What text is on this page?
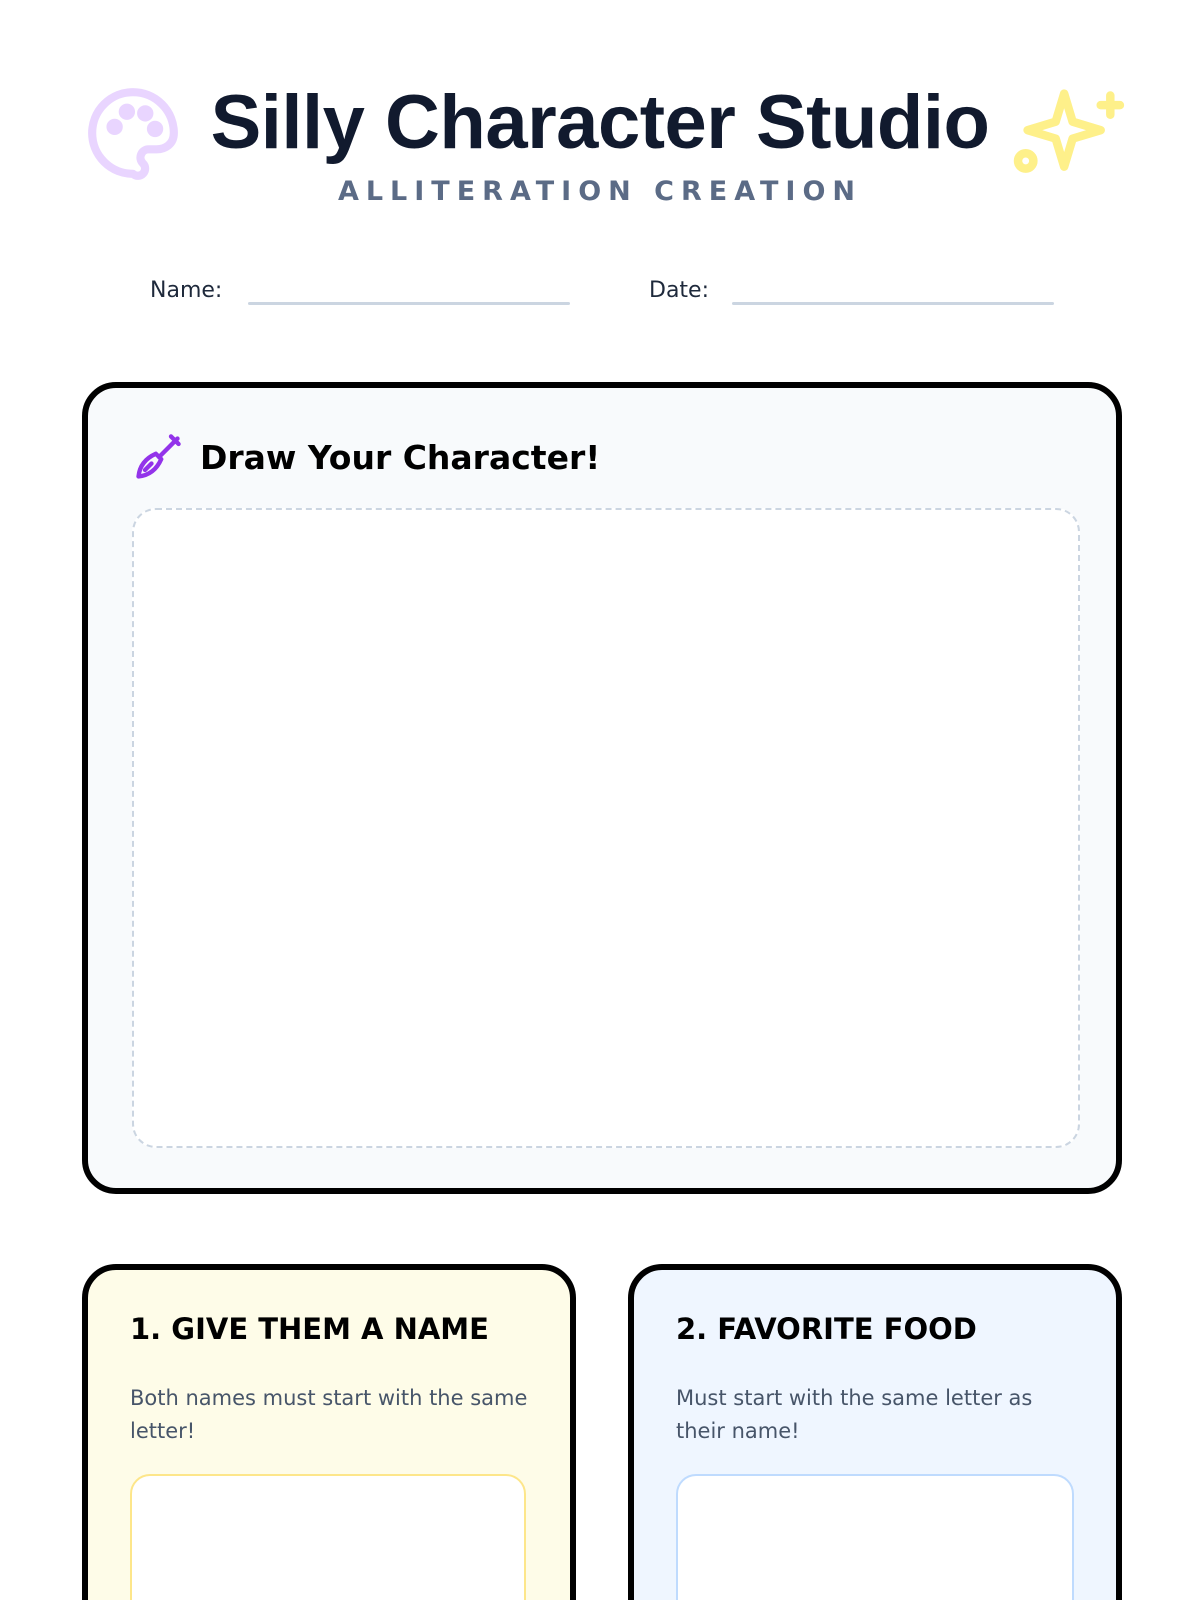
Silly Character Studio
ALLITERATION CREATION
Name:	Date:
Draw Your Character!
1. GIVE THEM A NAME
Both names must start with the same letter!
2. FAVORITE FOOD
Must start with the same letter as their name!
